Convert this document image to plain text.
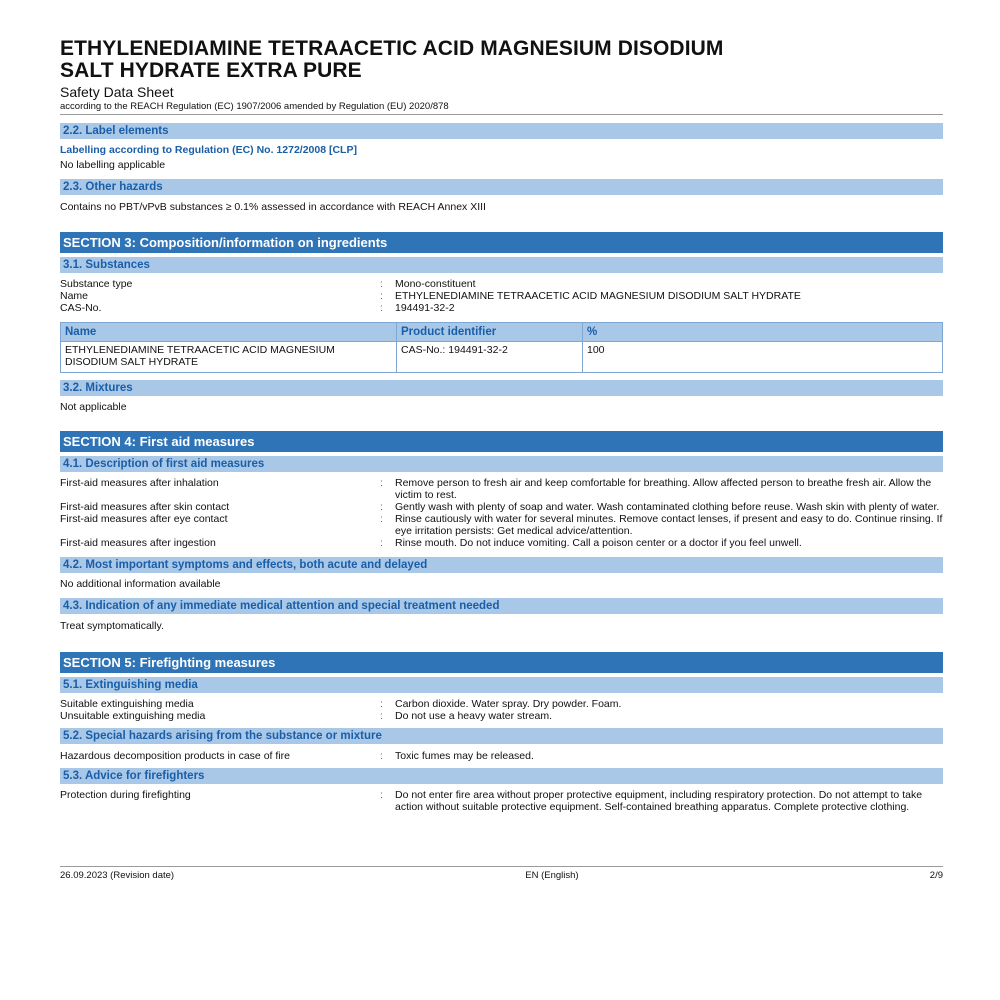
ETHYLENEDIAMINE TETRAACETIC ACID MAGNESIUM DISODIUM
SALT HYDRATE EXTRA PURE
Safety Data Sheet
according to the REACH Regulation (EC) 1907/2006 amended by Regulation (EU) 2020/878
2.2. Label elements
Labelling according to Regulation (EC) No. 1272/2008 [CLP]
No labelling applicable
2.3. Other hazards
Contains no PBT/vPvB substances ≥ 0.1% assessed in accordance with REACH Annex XIII
SECTION 3: Composition/information on ingredients
3.1. Substances
Substance type	:	Mono-constituent
Name	:	ETHYLENEDIAMINE TETRAACETIC ACID MAGNESIUM DISODIUM SALT HYDRATE
CAS-No.	:	194491-32-2
Name	Product identifier	%
ETHYLENEDIAMINE TETRAACETIC ACID MAGNESIUM DISODIUM SALT HYDRATE	CAS-No.: 194491-32-2	100
3.2. Mixtures
Not applicable
SECTION 4: First aid measures
4.1. Description of first aid measures
First-aid measures after inhalation	:	Remove person to fresh air and keep comfortable for breathing. Allow affected person to breathe fresh air. Allow the victim to rest.
First-aid measures after skin contact	:	Gently wash with plenty of soap and water. Wash contaminated clothing before reuse. Wash skin with plenty of water.
First-aid measures after eye contact	:	Rinse cautiously with water for several minutes. Remove contact lenses, if present and easy to do. Continue rinsing. If eye irritation persists: Get medical advice/attention.
First-aid measures after ingestion	:	Rinse mouth. Do not induce vomiting. Call a poison center or a doctor if you feel unwell.
4.2. Most important symptoms and effects, both acute and delayed
No additional information available
4.3. Indication of any immediate medical attention and special treatment needed
Treat symptomatically.
SECTION 5: Firefighting measures
5.1. Extinguishing media
Suitable extinguishing media	:	Carbon dioxide. Water spray. Dry powder. Foam.
Unsuitable extinguishing media	:	Do not use a heavy water stream.
5.2. Special hazards arising from the substance or mixture
Hazardous decomposition products in case of fire	:	Toxic fumes may be released.
5.3. Advice for firefighters
Protection during firefighting	:	Do not enter fire area without proper protective equipment, including respiratory protection. Do not attempt to take action without suitable protective equipment. Self-contained breathing apparatus. Complete protective clothing.
26.09.2023 (Revision date)	EN (English)	2/9
